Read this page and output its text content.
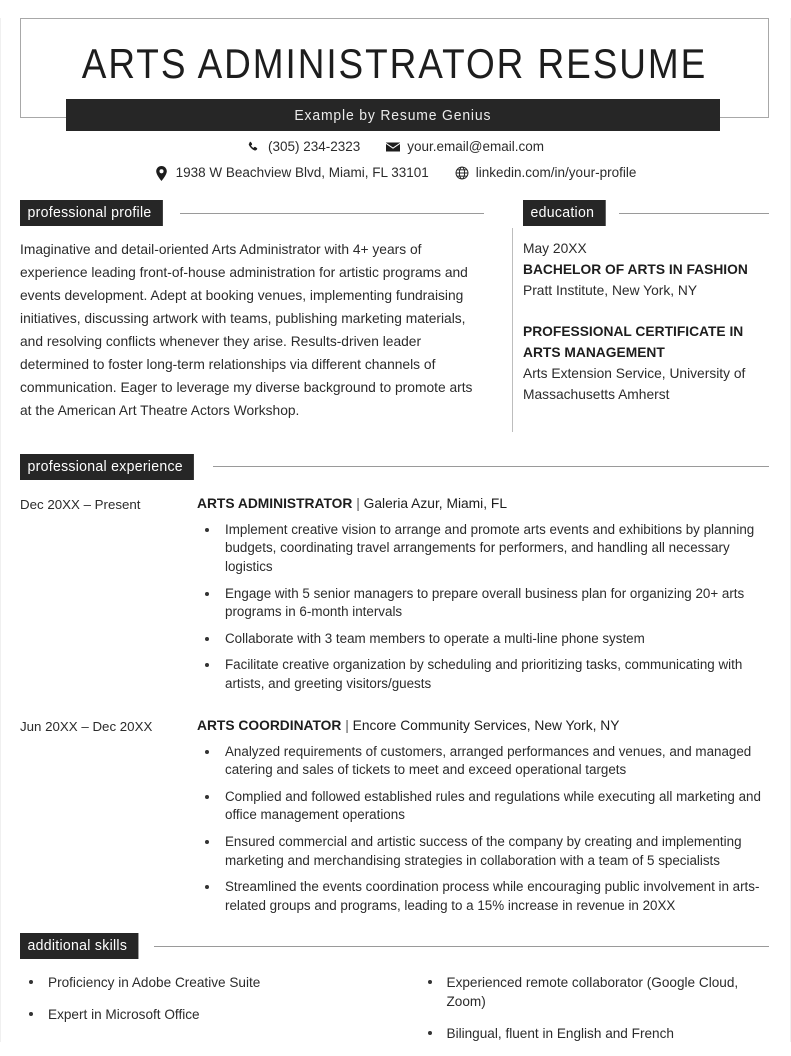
ARTS ADMINISTRATOR RESUME
Example by Resume Genius
(305) 234-2323	your.email@email.com
1938 W Beachview Blvd, Miami, FL 33101	linkedin.com/in/your-profile
professional profile

Imaginative and detail-oriented Arts Administrator with 4+ years of experience leading front-of-house administration for artistic programs and events development. Adept at booking venues, implementing fundraising initiatives, discussing artwork with teams, publishing marketing materials, and resolving conflicts whenever they arise. Results-driven leader determined to foster long-term relationships via different channels of communication. Eager to leverage my diverse background to promote arts at the American Art Theatre Actors Workshop.

education
May 20XX
BACHELOR OF ARTS IN FASHION
Pratt Institute, New York, NY
PROFESSIONAL CERTIFICATE IN ARTS MANAGEMENT
Arts Extension Service, University of Massachusetts Amherst
professional experience
Dec 20XX – Present	ARTS ADMINISTRATOR | Galeria Azur, Miami, FL
Implement creative vision to arrange and promote arts events and exhibitions by planning budgets, coordinating travel arrangements for performers, and handling all necessary logistics
Engage with 5 senior managers to prepare overall business plan for organizing 20+ arts programs in 6-month intervals
Collaborate with 3 team members to operate a multi-line phone system
Facilitate creative organization by scheduling and prioritizing tasks, communicating with artists, and greeting visitors/guests
Jun 20XX – Dec 20XX	ARTS COORDINATOR | Encore Community Services, New York, NY
Analyzed requirements of customers, arranged performances and venues, and managed catering and sales of tickets to meet and exceed operational targets
Complied and followed established rules and regulations while executing all marketing and office management operations
Ensured commercial and artistic success of the company by creating and implementing marketing and merchandising strategies in collaboration with a team of 5 specialists
Streamlined the events coordination process while encouraging public involvement in arts-related groups and programs, leading to a 15% increase in revenue in 20XX
additional skills
Proficiency in Adobe Creative Suite
Expert in Microsoft Office
Experienced remote collaborator (Google Cloud, Zoom)
Bilingual, fluent in English and French
